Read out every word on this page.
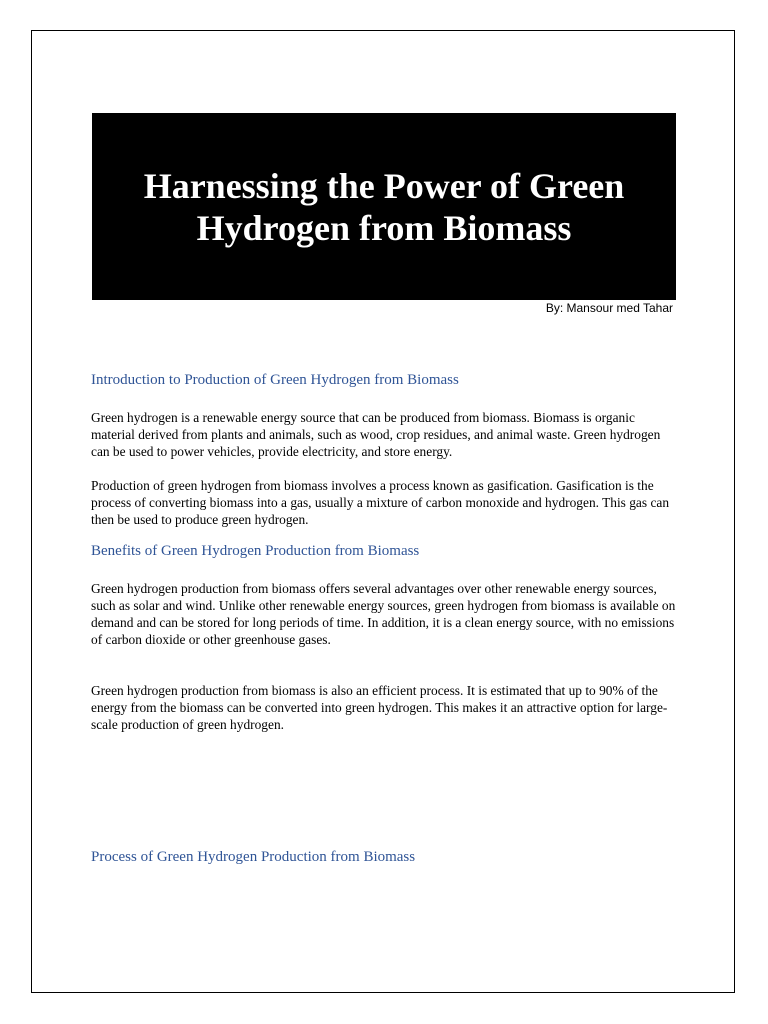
Harnessing the Power of Green Hydrogen from Biomass

By: Mansour med Tahar

Introduction to Production of Green Hydrogen from Biomass

Green hydrogen is a renewable energy source that can be produced from biomass. Biomass is organic material derived from plants and animals, such as wood, crop residues, and animal waste. Green hydrogen can be used to power vehicles, provide electricity, and store energy.

Production of green hydrogen from biomass involves a process known as gasification. Gasification is the process of converting biomass into a gas, usually a mixture of carbon monoxide and hydrogen. This gas can then be used to produce green hydrogen.

Benefits of Green Hydrogen Production from Biomass

Green hydrogen production from biomass offers several advantages over other renewable energy sources, such as solar and wind. Unlike other renewable energy sources, green hydrogen from biomass is available on demand and can be stored for long periods of time. In addition, it is a clean energy source, with no emissions of carbon dioxide or other greenhouse gases.

Green hydrogen production from biomass is also an efficient process. It is estimated that up to 90% of the energy from the biomass can be converted into green hydrogen. This makes it an attractive option for large-scale production of green hydrogen.

Process of Green Hydrogen Production from Biomass
